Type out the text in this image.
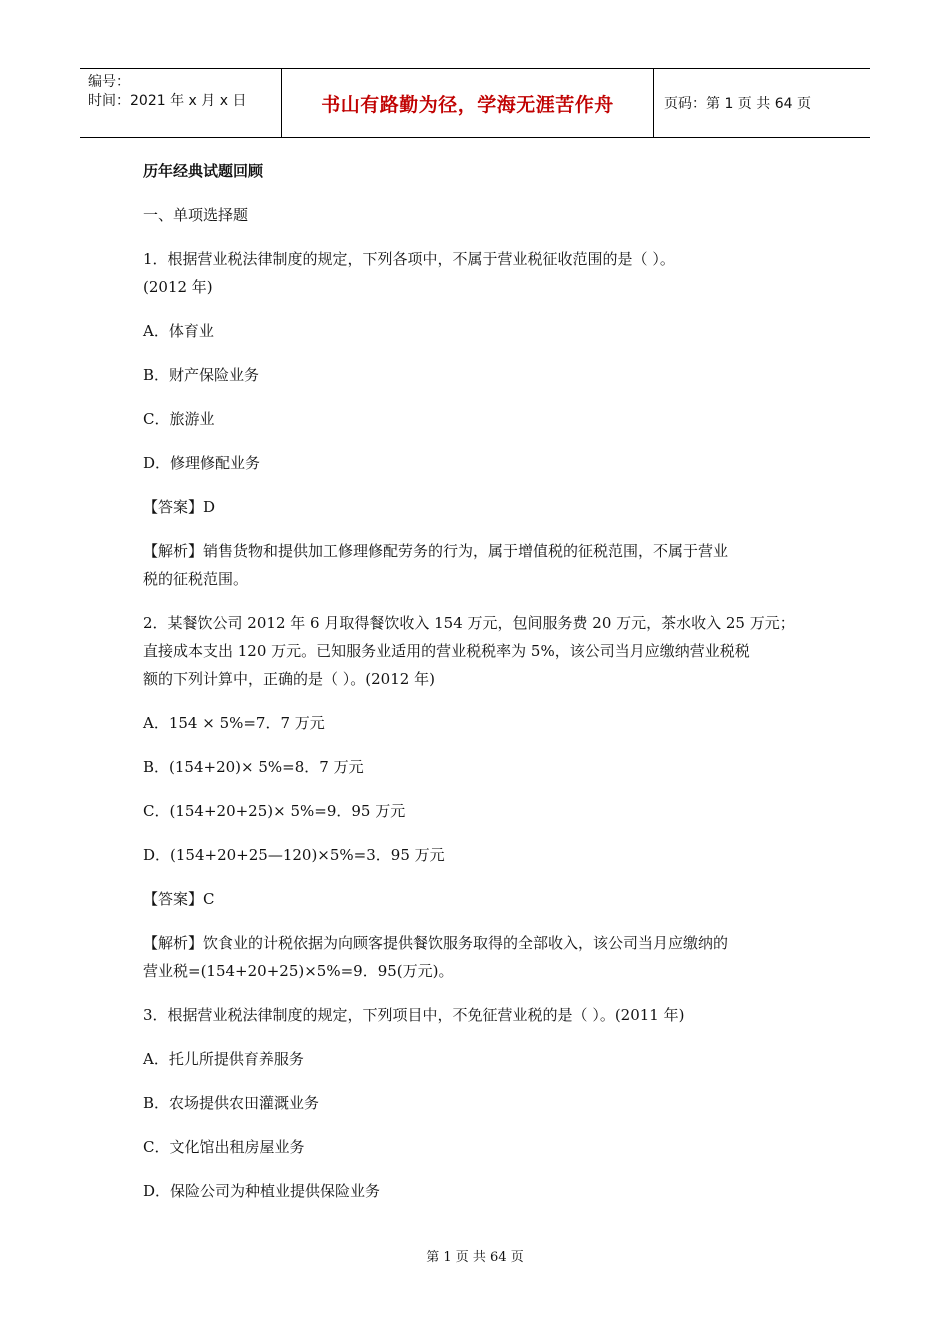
编号：
时间：2021 年 x 月 x 日	书山有路勤为径，学海无涯苦作舟	页码：第 1 页 共 64 页

历年经典试题回顾

一、单项选择题

1．根据营业税法律制度的规定，下列各项中，不属于营业税征收范围的是（ ）。

(2012 年)

A．体育业

B．财产保险业务

C．旅游业

D．修理修配业务

【答案】D

【解析】销售货物和提供加工修理修配劳务的行为，属于增值税的征税范围，不属于营业

税的征税范围。

2．某餐饮公司 2012 年 6 月取得餐饮收入 154 万元，包间服务费 20 万元，茶水收入 25 万元；

直接成本支出 120 万元。已知服务业适用的营业税税率为 5%，该公司当月应缴纳营业税税

额的下列计算中，正确的是（ ）。(2012 年)

A．154 × 5%=7．7 万元

B．(154+20)× 5%=8．7 万元

C．(154+20+25)× 5%=9．95 万元

D．(154+20+25—120)×5%=3．95 万元

【答案】C

【解析】饮食业的计税依据为向顾客提供餐饮服务取得的全部收入，该公司当月应缴纳的

营业税=(154+20+25)×5%=9．95(万元)。

3．根据营业税法律制度的规定，下列项目中，不免征营业税的是（ ）。(2011 年)

A．托儿所提供育养服务

B．农场提供农田灌溉业务

C．文化馆出租房屋业务

D．保险公司为种植业提供保险业务

第 1 页 共 64 页
